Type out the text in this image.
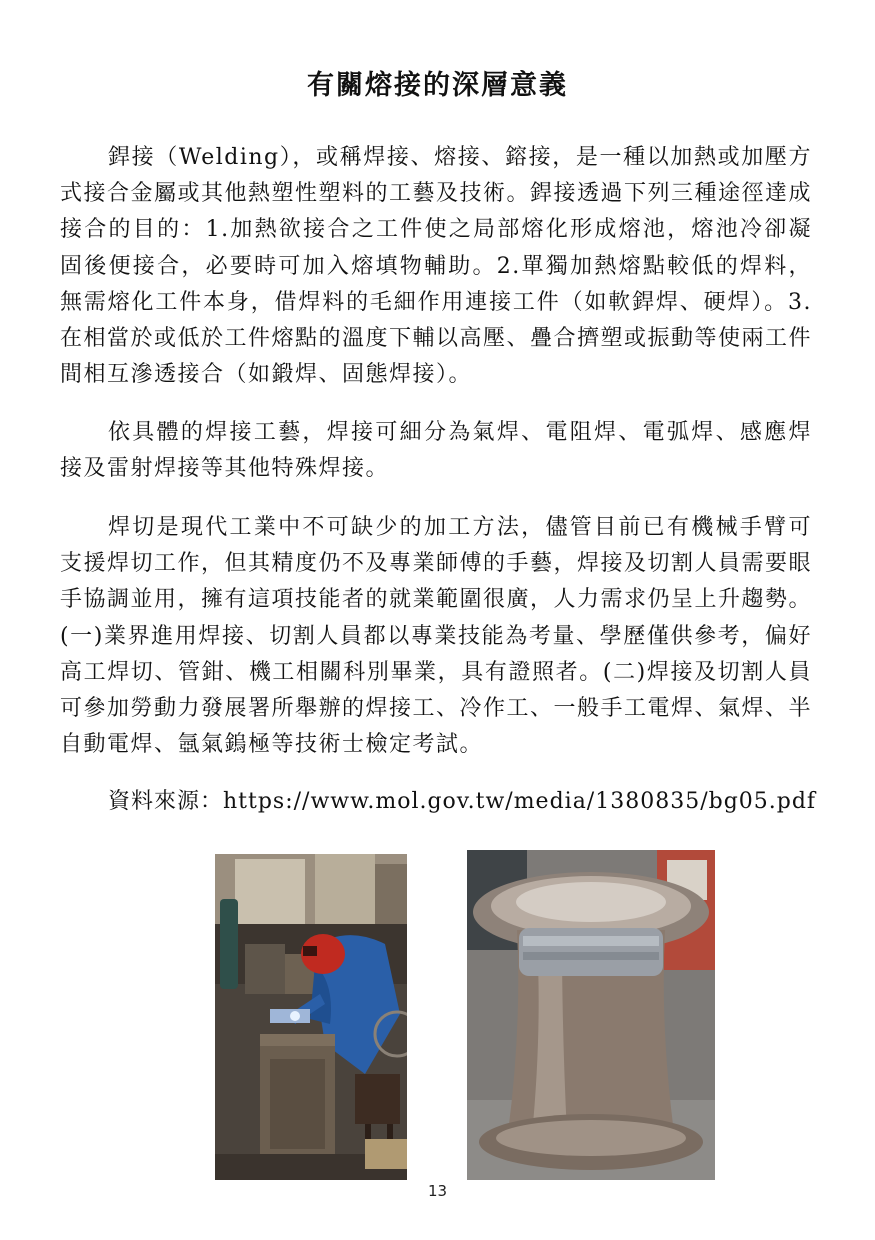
有關熔接的深層意義

銲接（Welding），或稱焊接、熔接、鎔接，是一種以加熱或加壓方式接合金屬或其他熱塑性塑料的工藝及技術。銲接透過下列三種途徑達成接合的目的：1.加熱欲接合之工件使之局部熔化形成熔池，熔池冷卻凝固後便接合，必要時可加入熔填物輔助。2.單獨加熱熔點較低的焊料，無需熔化工件本身，借焊料的毛細作用連接工件（如軟銲焊、硬焊）。3.在相當於或低於工件熔點的溫度下輔以高壓、疊合擠塑或振動等使兩工件間相互滲透接合（如鍛焊、固態焊接）。

依具體的焊接工藝，焊接可細分為氣焊、電阻焊、電弧焊、感應焊接及雷射焊接等其他特殊焊接。

焊切是現代工業中不可缺少的加工方法，儘管目前已有機械手臂可支援焊切工作，但其精度仍不及專業師傅的手藝，焊接及切割人員需要眼手協調並用，擁有這項技能者的就業範圍很廣，人力需求仍呈上升趨勢。(一)業界進用焊接、切割人員都以專業技能為考量、學歷僅供參考，偏好高工焊切、管鉗、機工相關科別畢業，具有證照者。(二)焊接及切割人員可參加勞動力發展署所舉辦的焊接工、冷作工、一般手工電焊、氣焊、半自動電焊、氬氣鎢極等技術士檢定考試。

資料來源：https://www.mol.gov.tw/media/1380835/bg05.pdf
13
